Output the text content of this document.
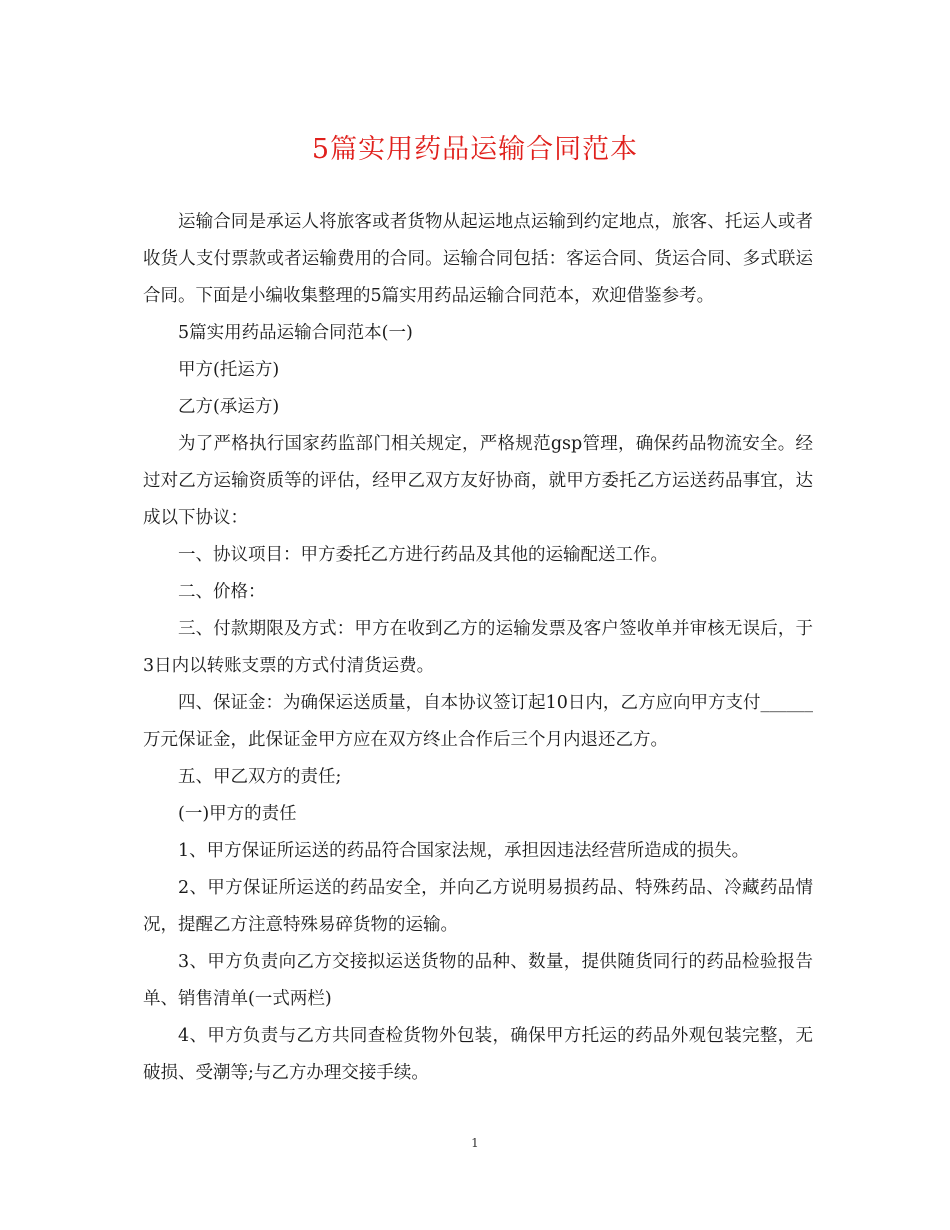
5篇实用药品运输合同范本

运输合同是承运人将旅客或者货物从起运地点运输到约定地点，旅客、托运人或者收货人支付票款或者运输费用的合同。运输合同包括：客运合同、货运合同、多式联运合同。下面是小编收集整理的5篇实用药品运输合同范本，欢迎借鉴参考。

5篇实用药品运输合同范本(一)

甲方(托运方)

乙方(承运方)

为了严格执行国家药监部门相关规定，严格规范gsp管理，确保药品物流安全。经过对乙方运输资质等的评估，经甲乙双方友好协商，就甲方委托乙方运送药品事宜，达成以下协议：

一、协议项目：甲方委托乙方进行药品及其他的运输配送工作。

二、价格：

三、付款期限及方式：甲方在收到乙方的运输发票及客户签收单并审核无误后，于3日内以转账支票的方式付清货运费。

四、保证金：为确保运送质量，自本协议签订起10日内，乙方应向甲方支付______万元保证金，此保证金甲方应在双方终止合作后三个月内退还乙方。

五、甲乙双方的责任;

(一)甲方的责任

1、甲方保证所运送的药品符合国家法规，承担因违法经营所造成的损失。

2、甲方保证所运送的药品安全，并向乙方说明易损药品、特殊药品、冷藏药品情况，提醒乙方注意特殊易碎货物的运输。

3、甲方负责向乙方交接拟运送货物的品种、数量，提供随货同行的药品检验报告单、销售清单(一式两栏)

4、甲方负责与乙方共同查检货物外包装，确保甲方托运的药品外观包装完整，无破损、受潮等;与乙方办理交接手续。

1
